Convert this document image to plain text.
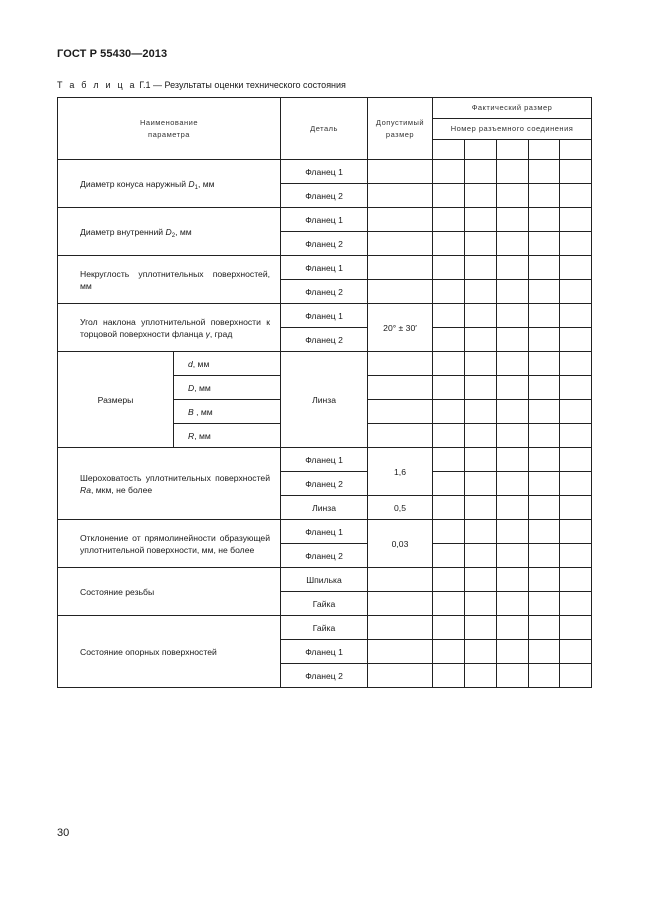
ГОСТ Р 55430—2013
Т а б л и ц а Г.1 — Результаты оценки технического состояния
Наименование параметра		Деталь	Допустимый размер	Фактический размер				
				Номер разъемного соединения				

Диаметр конуса наружный $D_1$, мм		Фланец 1						
		Фланец 2						
Диаметр внутренний $D_2$, мм		Фланец 1						
		Фланец 2						
Некруглость уплотнительных поверхностей, мм		Фланец 1						
		Фланец 2						
Угол наклона уплотнительной поверхности к торцовой поверхности фланца γ, град		Фланец 1	20° ± 30′					
		Фланец 2						
Размеры	d, мм	Линза						
	D, мм							
	B , мм							
	R, мм							
Шероховатость уплотнительных поверхностей Ra, мкм, не более		Фланец 1	1,6					
		Фланец 2						
		Линза	0,5					
Отклонение от прямолинейности образующей уплотнительной поверхности, мм, не более		Фланец 1	0,03					
		Фланец 2						
Состояние резьбы		Шпилька						
		Гайка						
Состояние опорных поверхностей		Гайка						
		Фланец 1						
		Фланец 2						
30
